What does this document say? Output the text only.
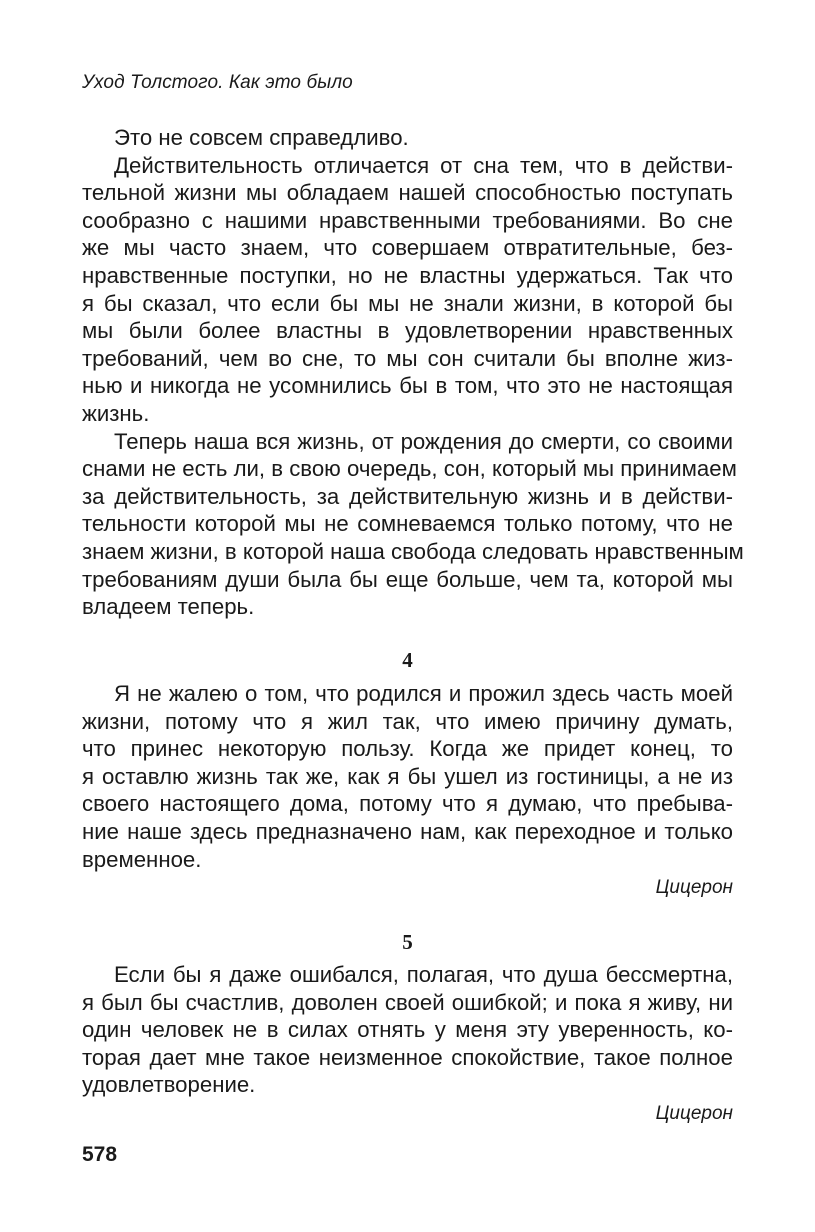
Уход Толстого. Как это было
Это не совсем справедливо.
Действительность отличается от сна тем, что в действи-
тельной жизни мы обладаем нашей способностью поступать
сообразно с нашими нравственными требованиями. Во сне
же мы часто знаем, что совершаем отвратительные, без-
нравственные поступки, но не властны удержаться. Так что
я бы сказал, что если бы мы не знали жизни, в которой бы
мы были более властны в удовлетворении нравственных
требований, чем во сне, то мы сон считали бы вполне жиз-
нью и никогда не усомнились бы в том, что это не настоящая
жизнь.
Теперь наша вся жизнь, от рождения до смерти, со своими
снами не есть ли, в свою очередь, сон, который мы принимаем
за действительность, за действительную жизнь и в действи-
тельности которой мы не сомневаемся только потому, что не
знаем жизни, в которой наша свобода следовать нравственным
требованиям души была бы еще больше, чем та, которой мы
владеем теперь.
4
Я не жалею о том, что родился и прожил здесь часть моей
жизни, потому что я жил так, что имею причину думать,
что принес некоторую пользу. Когда же придет конец, то
я оставлю жизнь так же, как я бы ушел из гостиницы, а не из
своего настоящего дома, потому что я думаю, что пребыва-
ние наше здесь предназначено нам, как переходное и только
временное.
Цицерон
5
Если бы я даже ошибался, полагая, что душа бессмертна,
я был бы счастлив, доволен своей ошибкой; и пока я живу, ни
один человек не в силах отнять у меня эту уверенность, ко-
торая дает мне такое неизменное спокойствие, такое полное
удовлетворение.
Цицерон
578
